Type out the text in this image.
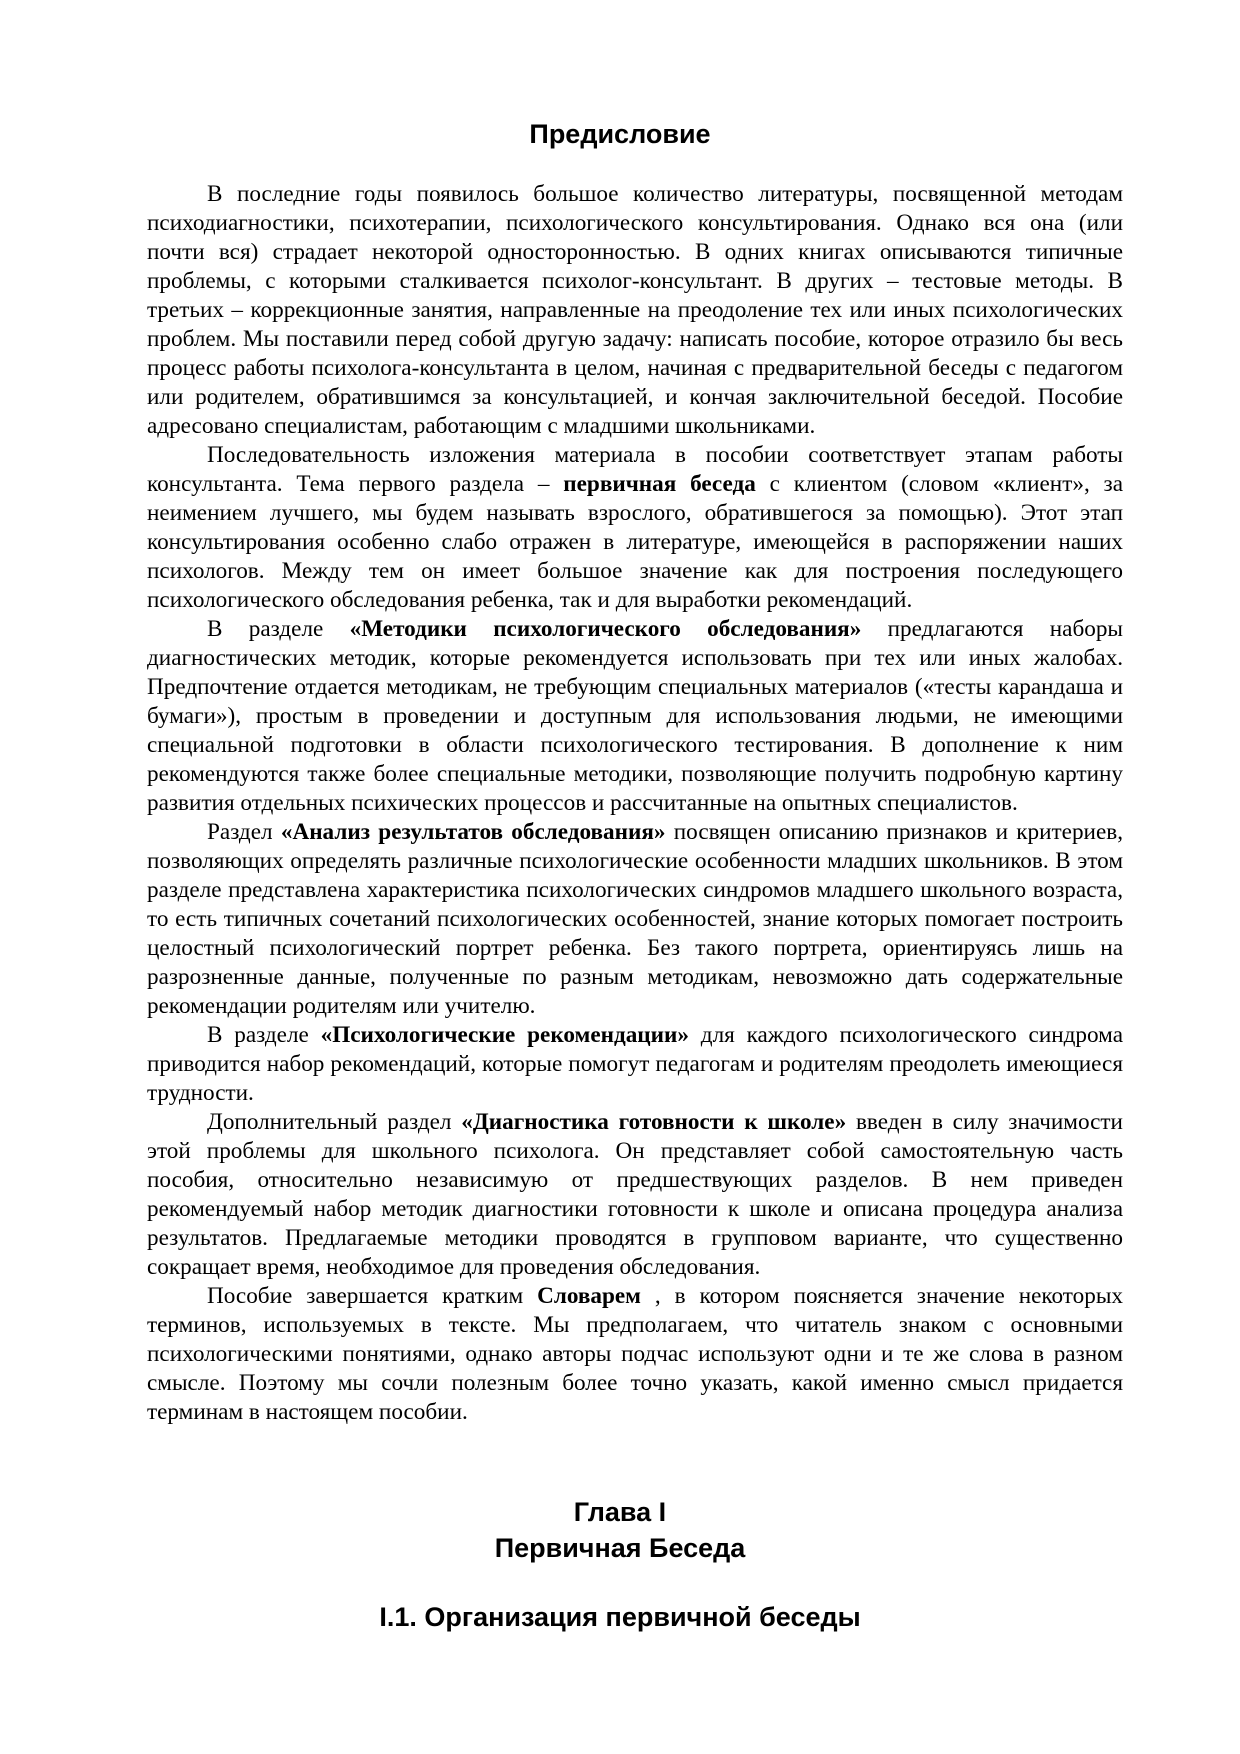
Предисловие

В последние годы появилось большое количество литературы, посвященной методам психодиагностики, психотерапии, психологического консультирования. Однако вся она (или почти вся) страдает некоторой односторонностью. В одних книгах описываются типичные проблемы, с которыми сталкивается психолог-консультант. В других – тестовые методы. В третьих – коррекционные занятия, направленные на преодоление тех или иных психологических проблем. Мы поставили перед собой другую задачу: написать пособие, которое отразило бы весь процесс работы психолога-консультанта в целом, начиная с предварительной беседы с педагогом или родителем, обратившимся за консультацией, и кончая заключительной беседой. Пособие адресовано специалистам, работающим с младшими школьниками.

Последовательность изложения материала в пособии соответствует этапам работы консультанта. Тема первого раздела – первичная беседа с клиентом (словом «клиент», за неимением лучшего, мы будем называть взрослого, обратившегося за помощью). Этот этап консультирования особенно слабо отражен в литературе, имеющейся в распоряжении наших психологов. Между тем он имеет большое значение как для построения последующего психологического обследования ребенка, так и для выработки рекомендаций.

В разделе «Методики психологического обследования» предлагаются наборы диагностических методик, которые рекомендуется использовать при тех или иных жалобах. Предпочтение отдается методикам, не требующим специальных материалов («тесты карандаша и бумаги»), простым в проведении и доступным для использования людьми, не имеющими специальной подготовки в области психологического тестирования. В дополнение к ним рекомендуются также более специальные методики, позволяющие получить подробную картину развития отдельных психических процессов и рассчитанные на опытных специалистов.

Раздел «Анализ результатов обследования» посвящен описанию признаков и критериев, позволяющих определять различные психологические особенности младших школьников. В этом разделе представлена характеристика психологических синдромов младшего школьного возраста, то есть типичных сочетаний психологических особенностей, знание которых помогает построить целостный психологический портрет ребенка. Без такого портрета, ориентируясь лишь на разрозненные данные, полученные по разным методикам, невозможно дать содержательные рекомендации родителям или учителю.

В разделе «Психологические рекомендации» для каждого психологического синдрома приводится набор рекомендаций, которые помогут педагогам и родителям преодолеть имеющиеся трудности.

Дополнительный раздел «Диагностика готовности к школе» введен в силу значимости этой проблемы для школьного психолога. Он представляет собой самостоятельную часть пособия, относительно независимую от предшествующих разделов. В нем приведен рекомендуемый набор методик диагностики готовности к школе и описана процедура анализа результатов. Предлагаемые методики проводятся в групповом варианте, что существенно сокращает время, необходимое для проведения обследования.

Пособие завершается кратким Словарем , в котором поясняется значение некоторых терминов, используемых в тексте. Мы предполагаем, что читатель знаком с основными психологическими понятиями, однако авторы подчас используют одни и те же слова в разном смысле. Поэтому мы сочли полезным более точно указать, какой именно смысл придается терминам в настоящем пособии.

Глава I
Первичная Беседа
I.1. Организация первичной беседы
